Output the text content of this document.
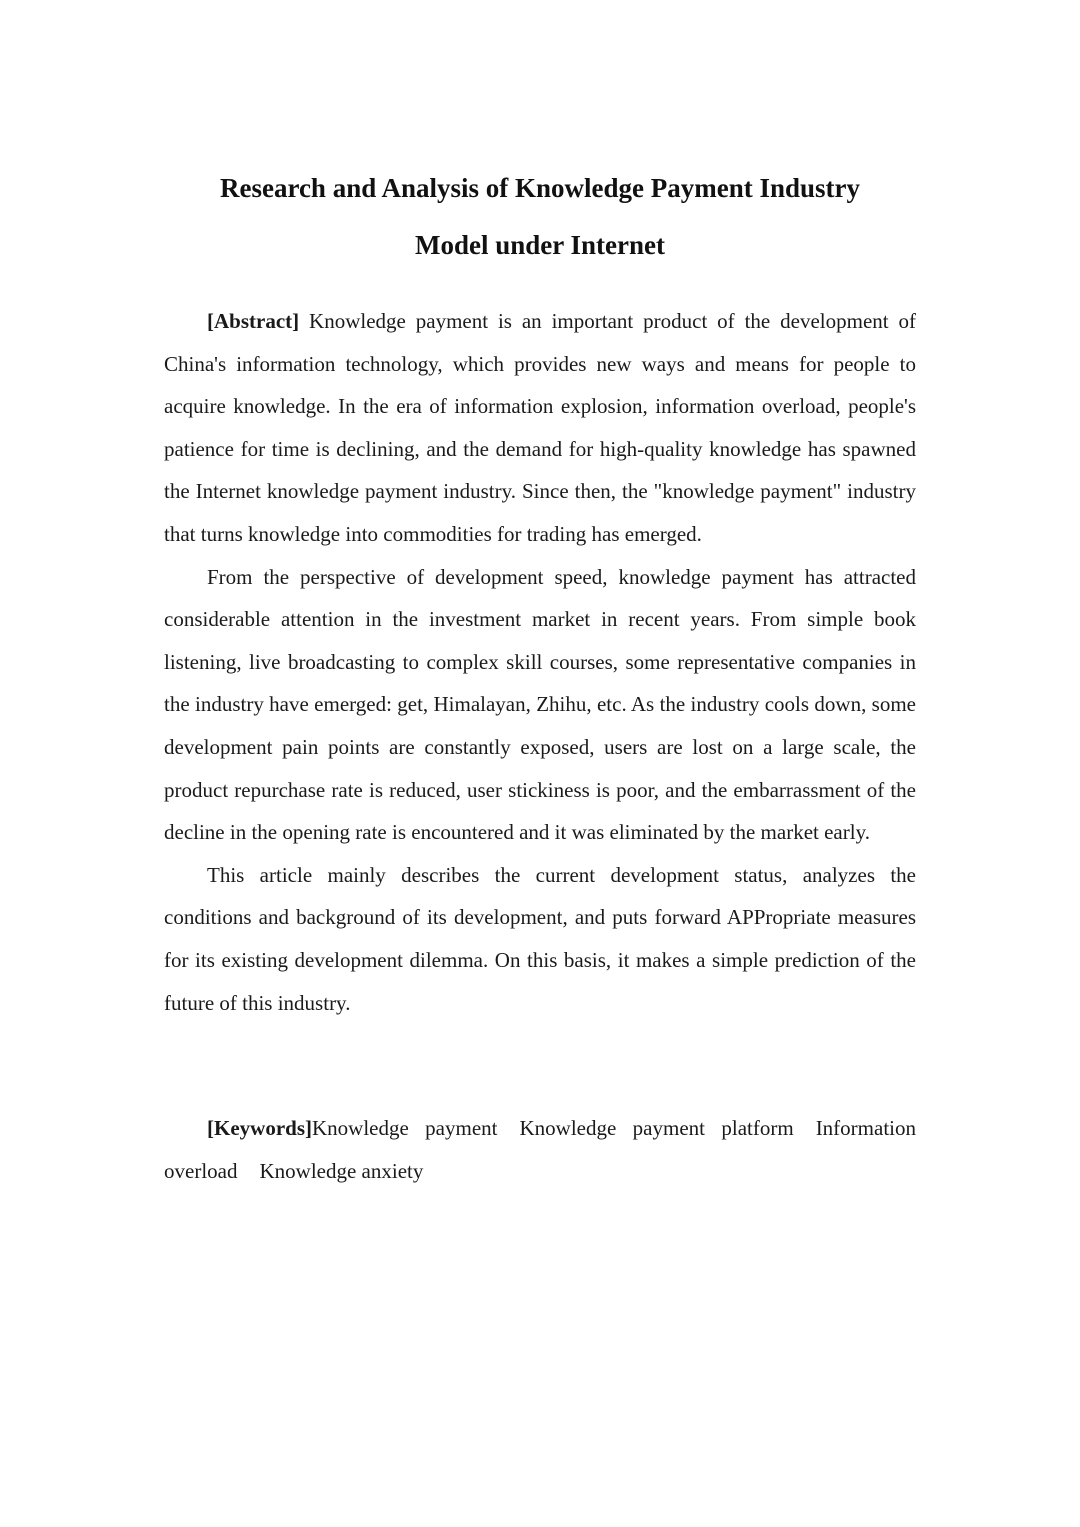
Research and Analysis of Knowledge Payment Industry
Model under Internet

[Abstract] Knowledge payment is an important product of the development of China's information technology, which provides new ways and means for people to acquire knowledge. In the era of information explosion, information overload, people's patience for time is declining, and the demand for high-quality knowledge has spawned the Internet knowledge payment industry. Since then, the "knowledge payment" industry that turns knowledge into commodities for trading has emerged.

From the perspective of development speed, knowledge payment has attracted considerable attention in the investment market in recent years. From simple book listening, live broadcasting to complex skill courses, some representative companies in the industry have emerged: get, Himalayan, Zhihu, etc. As the industry cools down, some development pain points are constantly exposed, users are lost on a large scale, the product repurchase rate is reduced, user stickiness is poor, and the embarrassment of the decline in the opening rate is encountered and it was eliminated by the market early.

This article mainly describes the current development status, analyzes the conditions and background of its development, and puts forward APPropriate measures for its existing development dilemma. On this basis, it makes a simple prediction of the future of this industry.

[Keywords]Knowledge payment Knowledge payment platform Information overload Knowledge anxiety
